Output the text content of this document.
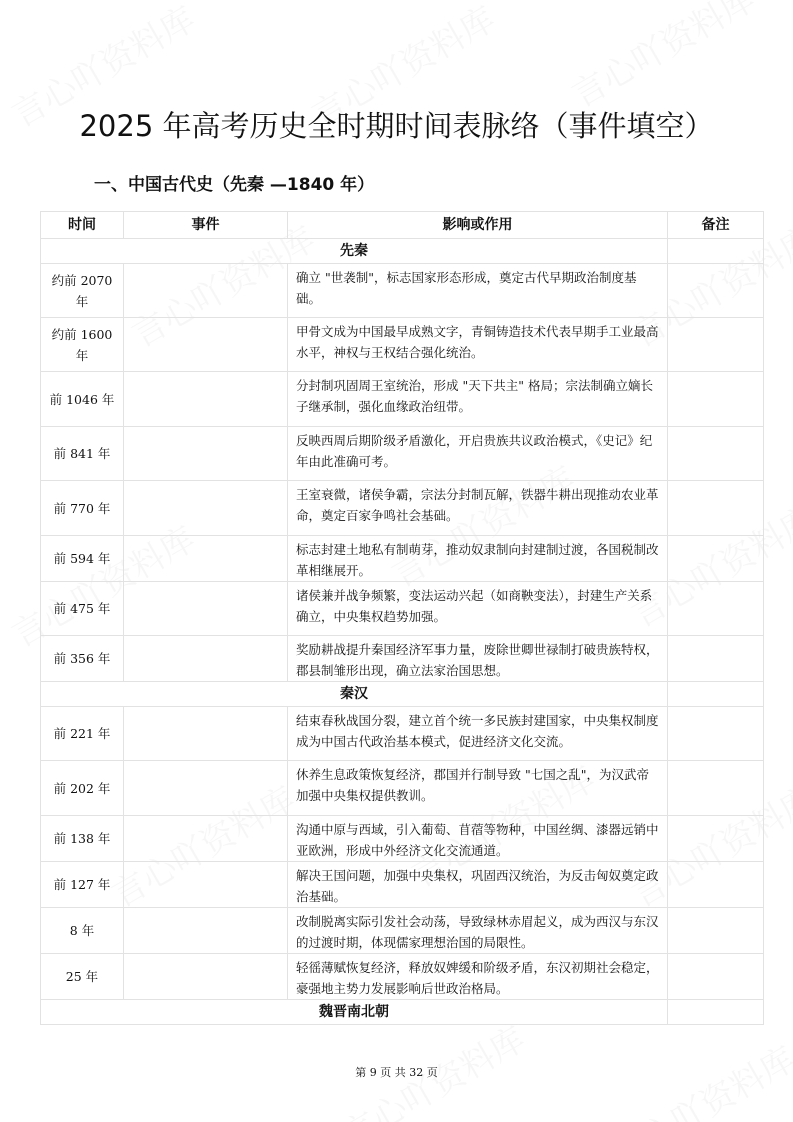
2025 年高考历史全时期时间表脉络（事件填空）
一、中国古代史（先秦 —1840 年）
时间	事件	影响或作用	备注
先秦			
约前 2070 年		确立 "世袭制"，标志国家形态形成，奠定古代早期政治制度基础。	
约前 1600 年		甲骨文成为中国最早成熟文字，青铜铸造技术代表早期手工业最高水平，神权与王权结合强化统治。	
前 1046 年		分封制巩固周王室统治，形成 "天下共主" 格局；宗法制确立嫡长子继承制，强化血缘政治纽带。	
前 841 年		反映西周后期阶级矛盾激化，开启贵族共议政治模式，《史记》纪年由此准确可考。	
前 770 年		王室衰微，诸侯争霸，宗法分封制瓦解，铁器牛耕出现推动农业革命，奠定百家争鸣社会基础。	
前 594 年		标志封建土地私有制萌芽，推动奴隶制向封建制过渡，各国税制改革相继展开。	
前 475 年		诸侯兼并战争频繁，变法运动兴起（如商鞅变法），封建生产关系确立，中央集权趋势加强。	
前 356 年		奖励耕战提升秦国经济军事力量，废除世卿世禄制打破贵族特权，郡县制雏形出现，确立法家治国思想。	
秦汉			
前 221 年		结束春秋战国分裂，建立首个统一多民族封建国家，中央集权制度成为中国古代政治基本模式，促进经济文化交流。	
前 202 年		休养生息政策恢复经济，郡国并行制导致 "七国之乱"，为汉武帝加强中央集权提供教训。	
前 138 年		沟通中原与西域，引入葡萄、苜蓿等物种，中国丝绸、漆器远销中亚欧洲，形成中外经济文化交流通道。	
前 127 年		解决王国问题，加强中央集权，巩固西汉统治，为反击匈奴奠定政治基础。	
8 年		改制脱离实际引发社会动荡，导致绿林赤眉起义，成为西汉与东汉的过渡时期，体现儒家理想治国的局限性。	
25 年		轻徭薄赋恢复经济，释放奴婢缓和阶级矛盾，东汉初期社会稳定，豪强地主势力发展影响后世政治格局。	
魏晋南北朝			
第 9 页 共 32 页
